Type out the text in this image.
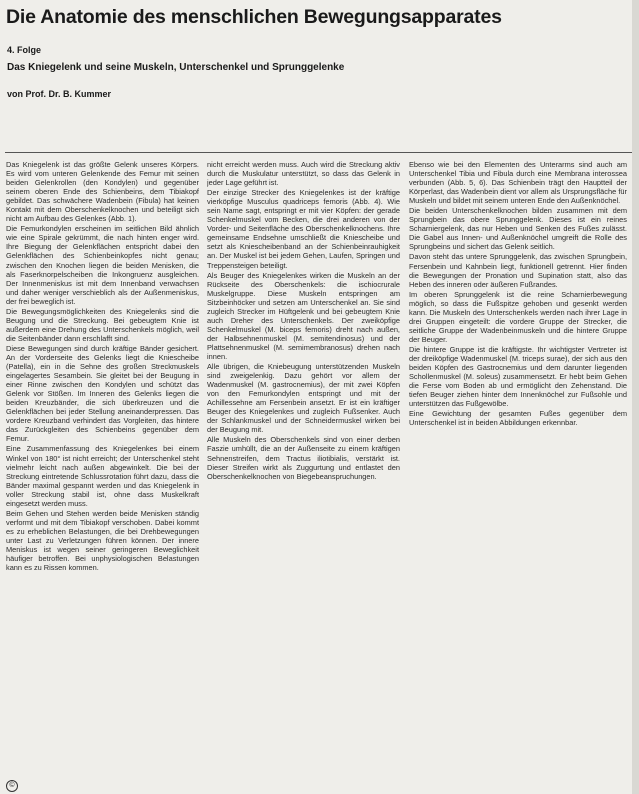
Die Anatomie des menschlichen Bewegungsapparates
4. Folge
Das Kniegelenk und seine Muskeln, Unterschenkel und Sprunggelenke
von Prof. Dr. B. Kummer

Das Kniegelenk ist das größte Gelenk unseres Körpers. Es wird vom unteren Gelenkende des Femur mit seinen beiden Gelenkrollen (den Kondylen) und gegenüber seinem oberen Ende des Schienbeins, dem Tibiakopf gebildet. Das schwächere Wadenbein (Fibula) hat keinen Kontakt mit dem Oberschenkelknochen und beteiligt sich nicht am Aufbau des Gelenkes (Abb. 1).

Die Femurkondylen erscheinen im seitlichen Bild ähnlich wie eine Spirale gekrümmt, die nach hinten enger wird. Ihre Biegung der Gelenkflächen entspricht dabei den Gelenkflächen des Schienbeinkopfes nicht genau; zwischen den Knochen liegen die beiden Menisken, die als Faserknorpelscheiben die Inkongruenz ausgleichen. Der Innenmeniskus ist mit dem Innenband verwachsen und daher weniger verschieblich als der Außenmeniskus, der frei beweglich ist.

Die Bewegungsmöglichkeiten des Kniegelenks sind die Beugung und die Streckung. Bei gebeugtem Knie ist außerdem eine Drehung des Unterschenkels möglich, weil die Seitenbänder dann erschlafft sind.

Diese Bewegungen sind durch kräftige Bänder gesichert. An der Vorderseite des Gelenks liegt die Kniescheibe (Patella), ein in die Sehne des großen Streckmuskels eingelagertes Sesambein. Sie gleitet bei der Beugung in einer Rinne zwischen den Kondylen und schützt das Gelenk vor Stößen. Im Inneren des Gelenks liegen die beiden Kreuzbänder, die sich überkreuzen und die Gelenkflächen bei jeder Stellung aneinanderpressen. Das vordere Kreuzband verhindert das Vorgleiten, das hintere das Zurückgleiten des Schienbeins gegenüber dem Femur.

Eine Zusammenfassung des Kniegelenkes bei einem Winkel von 180° ist nicht erreicht; der Unterschenkel steht vielmehr leicht nach außen abgewinkelt. Die bei der Streckung eintretende Schlussrotation führt dazu, dass die Bänder maximal gespannt werden und das Kniegelenk in voller Streckung stabil ist, ohne dass Muskelkraft eingesetzt werden muss.

Beim Gehen und Stehen werden beide Menisken ständig verformt und mit dem Tibiakopf verschoben. Dabei kommt es zu erheblichen Belastungen, die bei Drehbewegungen unter Last zu Verletzungen führen können. Der innere Meniskus ist wegen seiner geringeren Beweglichkeit häufiger betroffen. Bei unphysiologischen Belastungen kann es zu Rissen kommen.

nicht erreicht werden muss. Auch wird die Streckung aktiv durch die Muskulatur unterstützt, so dass das Gelenk in jeder Lage geführt ist.

Der einzige Strecker des Kniegelenkes ist der kräftige vierköpfige Musculus quadriceps femoris (Abb. 4). Wie sein Name sagt, entspringt er mit vier Köpfen: der gerade Schenkelmuskel vom Becken, die drei anderen von der Vorder- und Seitenfläche des Oberschenkelknochens. Ihre gemeinsame Endsehne umschließt die Kniescheibe und setzt als Kniescheibenband an der Schienbeinrauhigkeit an. Der Muskel ist bei jedem Gehen, Laufen, Springen und Treppensteigen beteiligt.

Als Beuger des Kniegelenkes wirken die Muskeln an der Rückseite des Oberschenkels: die ischiocrurale Muskelgruppe. Diese Muskeln entspringen am Sitzbeinhöcker und setzen am Unterschenkel an. Sie sind zugleich Strecker im Hüftgelenk und bei gebeugtem Knie auch Dreher des Unterschenkels. Der zweiköpfige Schenkelmuskel (M. biceps femoris) dreht nach außen, der Halbsehnenmuskel (M. semitendinosus) und der Plattsehnenmuskel (M. semimembranosus) drehen nach innen.

Alle übrigen, die Kniebeugung unterstützenden Muskeln sind zweigelenkig. Dazu gehört vor allem der Wadenmuskel (M. gastrocnemius), der mit zwei Köpfen von den Femurkondylen entspringt und mit der Achillessehne am Fersenbein ansetzt. Er ist ein kräftiger Beuger des Kniegelenkes und zugleich Fußsenker. Auch der Schlankmuskel und der Schneidermuskel wirken bei der Beugung mit.

Alle Muskeln des Oberschenkels sind von einer derben Faszie umhüllt, die an der Außenseite zu einem kräftigen Sehnenstreifen, dem Tractus iliotibialis, verstärkt ist. Dieser Streifen wirkt als Zuggurtung und entlastet den Oberschenkelknochen von Biegebeanspruchungen.

Ebenso wie bei den Elementen des Unterarms sind auch am Unterschenkel Tibia und Fibula durch eine Membrana interossea verbunden (Abb. 5, 6). Das Schienbein trägt den Hauptteil der Körperlast, das Wadenbein dient vor allem als Ursprungsfläche für Muskeln und bildet mit seinem unteren Ende den Außenknöchel.

Die beiden Unterschenkelknochen bilden zusammen mit dem Sprungbein das obere Sprunggelenk. Dieses ist ein reines Scharniergelenk, das nur Heben und Senken des Fußes zulässt. Die Gabel aus Innen- und Außenknöchel umgreift die Rolle des Sprungbeins und sichert das Gelenk seitlich.

Davon steht das untere Sprunggelenk, das zwischen Sprungbein, Fersenbein und Kahnbein liegt, funktionell getrennt. Hier finden die Bewegungen der Pronation und Supination statt, also das Heben des inneren oder äußeren Fußrandes.

Im oberen Sprunggelenk ist die reine Scharnierbewegung möglich, so dass die Fußspitze gehoben und gesenkt werden kann. Die Muskeln des Unterschenkels werden nach ihrer Lage in drei Gruppen eingeteilt: die vordere Gruppe der Strecker, die seitliche Gruppe der Wadenbeinmuskeln und die hintere Gruppe der Beuger.

Die hintere Gruppe ist die kräftigste. Ihr wichtigster Vertreter ist der dreiköpfige Wadenmuskel (M. triceps surae), der sich aus den beiden Köpfen des Gastrocnemius und dem darunter liegenden Schollenmuskel (M. soleus) zusammensetzt. Er hebt beim Gehen die Ferse vom Boden ab und ermöglicht den Zehenstand. Die tiefen Beuger ziehen hinter dem Innenknöchel zur Fußsohle und unterstützen das Fußgewölbe.

Eine Gewichtung der gesamten Fußes gegenüber dem Unterschenkel ist in beiden Abbildungen erkennbar.

©
